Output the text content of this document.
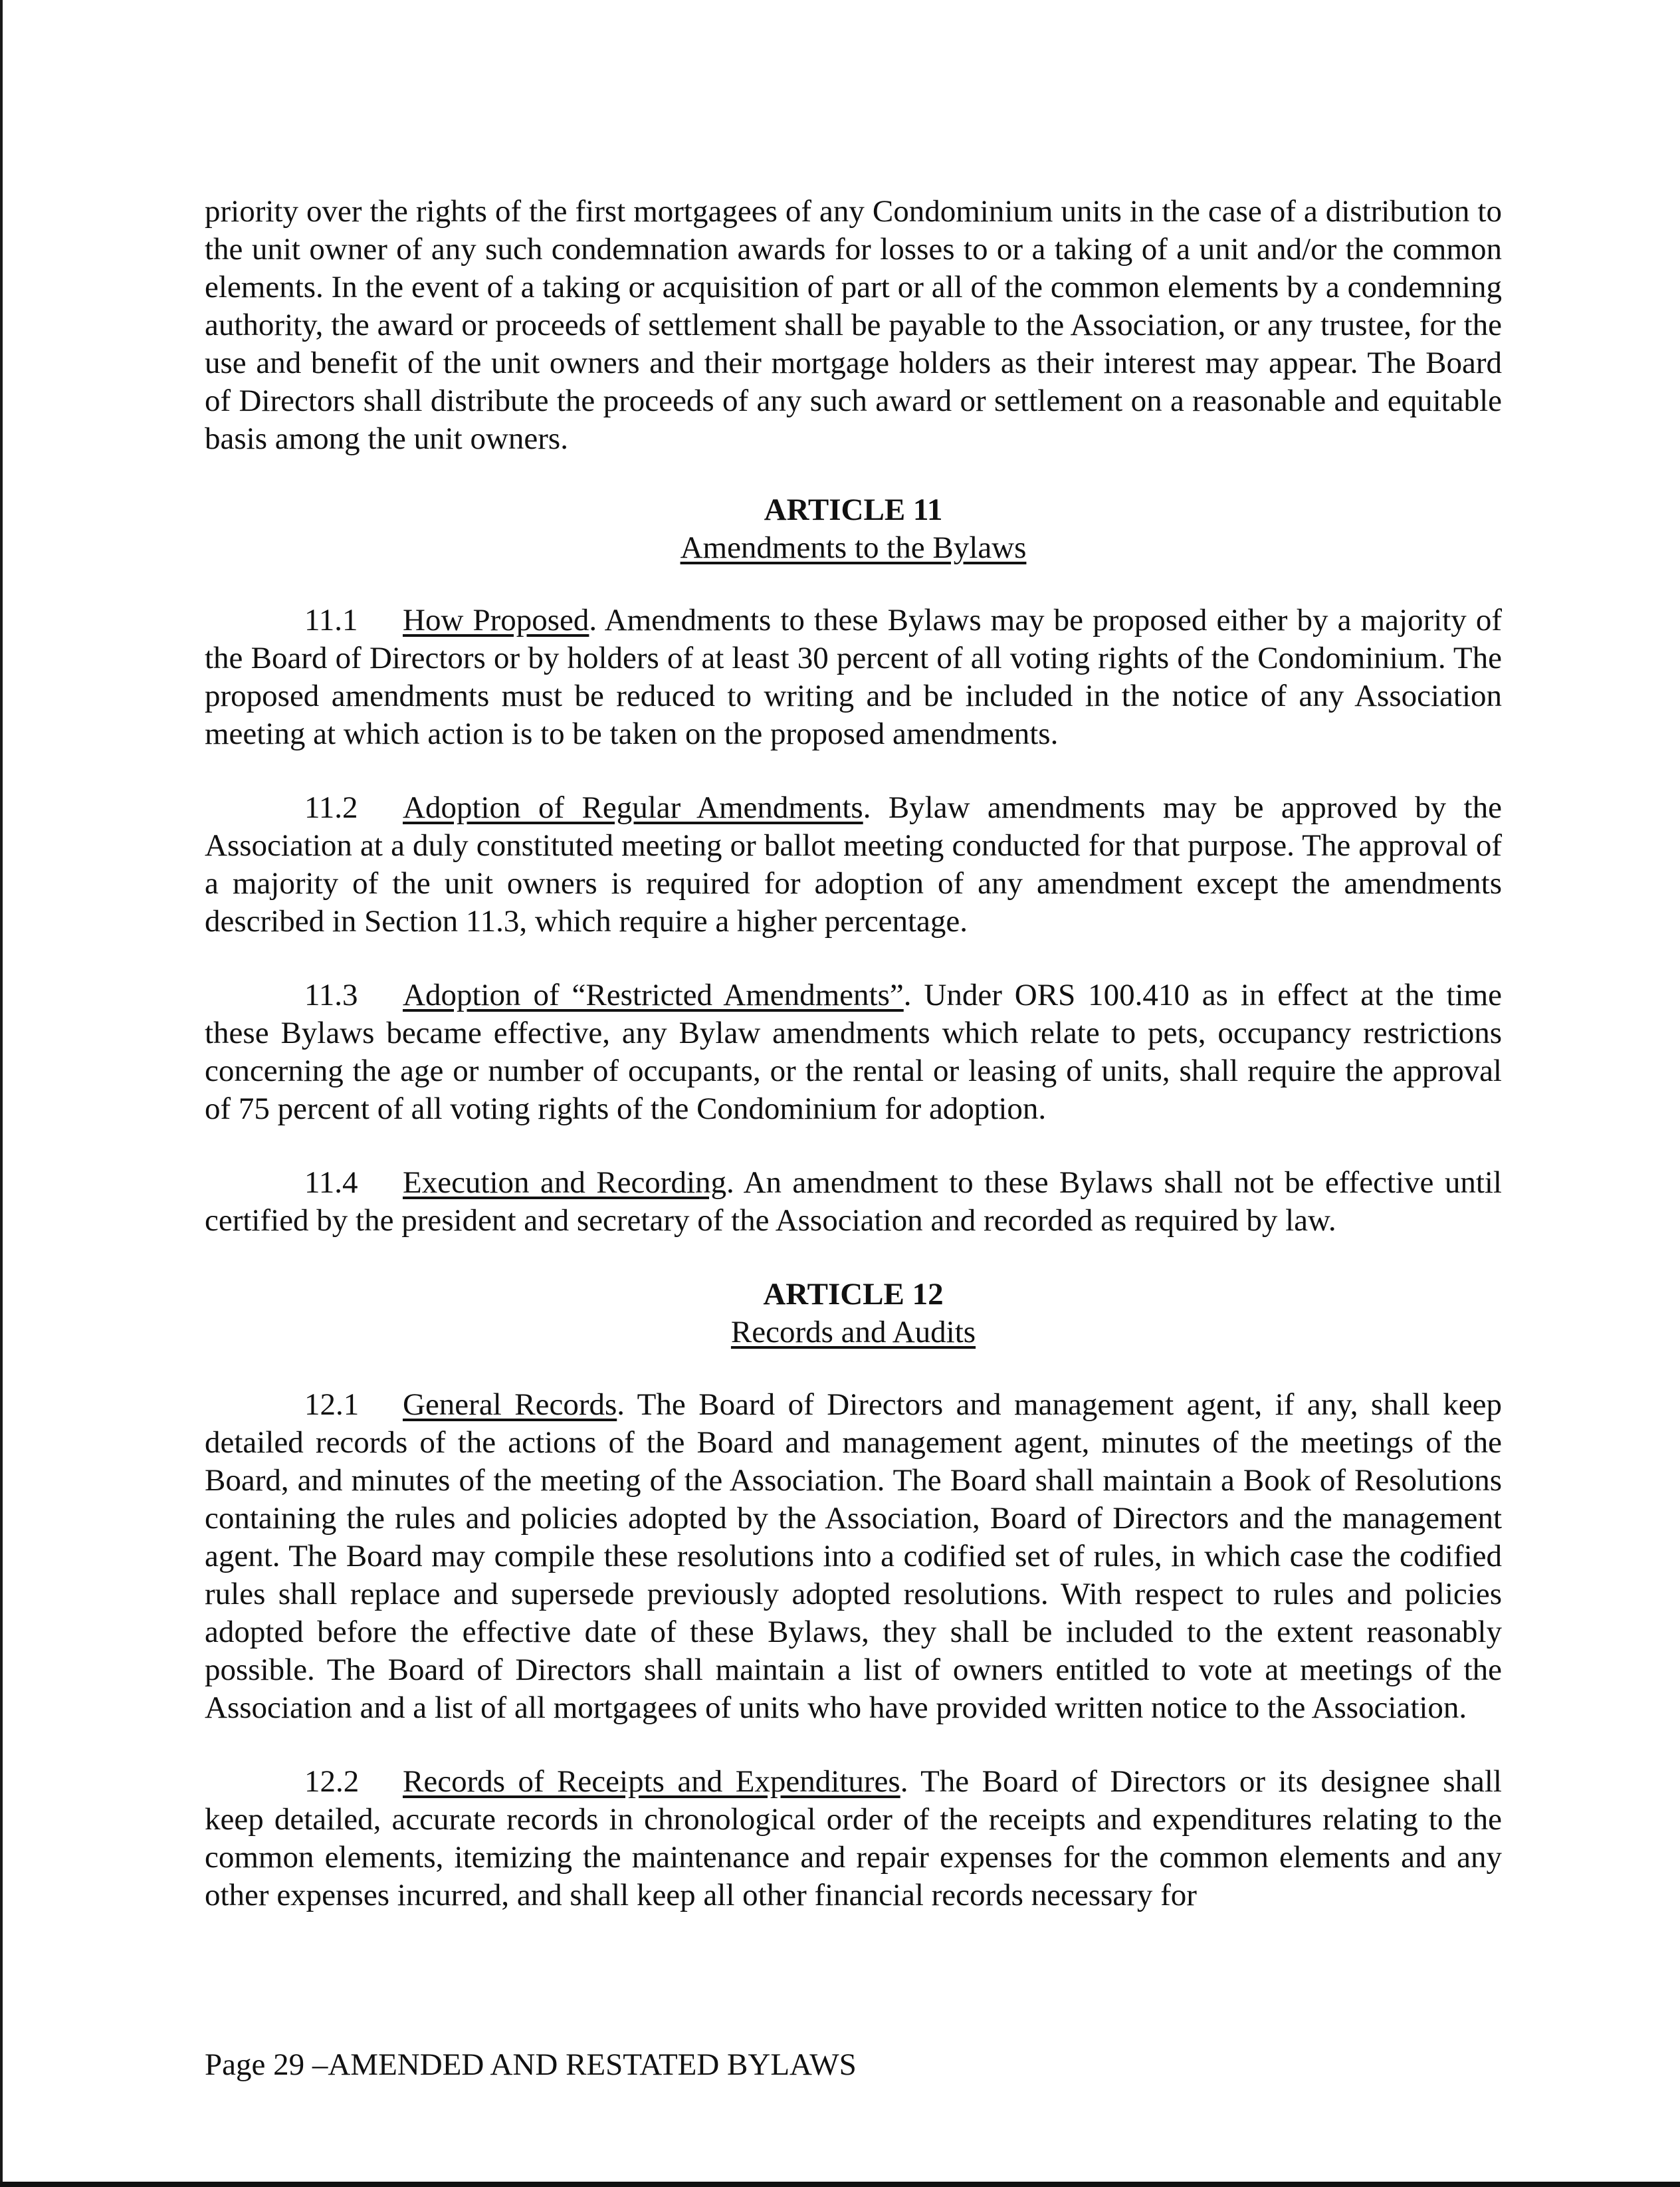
priority over the rights of the first mortgagees of any Condominium units in the case of a distribution to the unit owner of any such condemnation awards for losses to or a taking of a unit and/or the common elements. In the event of a taking or acquisition of part or all of the common elements by a condemning authority, the award or proceeds of settlement shall be payable to the Association, or any trustee, for the use and benefit of the unit owners and their mortgage holders as their interest may appear. The Board of Directors shall distribute the proceeds of any such award or settlement on a reasonable and equitable basis among the unit owners.

ARTICLE 11
Amendments to the Bylaws

11.1 How Proposed. Amendments to these Bylaws may be proposed either by a majority of the Board of Directors or by holders of at least 30 percent of all voting rights of the Condominium. The proposed amendments must be reduced to writing and be included in the notice of any Association meeting at which action is to be taken on the proposed amendments.

11.2 Adoption of Regular Amendments. Bylaw amendments may be approved by the Association at a duly constituted meeting or ballot meeting conducted for that purpose. The approval of a majority of the unit owners is required for adoption of any amendment except the amendments described in Section 11.3, which require a higher percentage.

11.3 Adoption of “Restricted Amendments”. Under ORS 100.410 as in effect at the time these Bylaws became effective, any Bylaw amendments which relate to pets, occupancy restrictions concerning the age or number of occupants, or the rental or leasing of units, shall require the approval of 75 percent of all voting rights of the Condominium for adoption.

11.4 Execution and Recording. An amendment to these Bylaws shall not be effective until certified by the president and secretary of the Association and recorded as required by law.

ARTICLE 12
Records and Audits

12.1 General Records. The Board of Directors and management agent, if any, shall keep detailed records of the actions of the Board and management agent, minutes of the meetings of the Board, and minutes of the meeting of the Association. The Board shall maintain a Book of Resolutions containing the rules and policies adopted by the Association, Board of Directors and the management agent. The Board may compile these resolutions into a codified set of rules, in which case the codified rules shall replace and supersede previously adopted resolutions. With respect to rules and policies adopted before the effective date of these Bylaws, they shall be included to the extent reasonably possible. The Board of Directors shall maintain a list of owners entitled to vote at meetings of the Association and a list of all mortgagees of units who have provided written notice to the Association.

12.2 Records of Receipts and Expenditures. The Board of Directors or its designee shall keep detailed, accurate records in chronological order of the receipts and expenditures relating to the common elements, itemizing the maintenance and repair expenses for the common elements and any other expenses incurred, and shall keep all other financial records necessary for

Page 29 –AMENDED AND RESTATED BYLAWS
